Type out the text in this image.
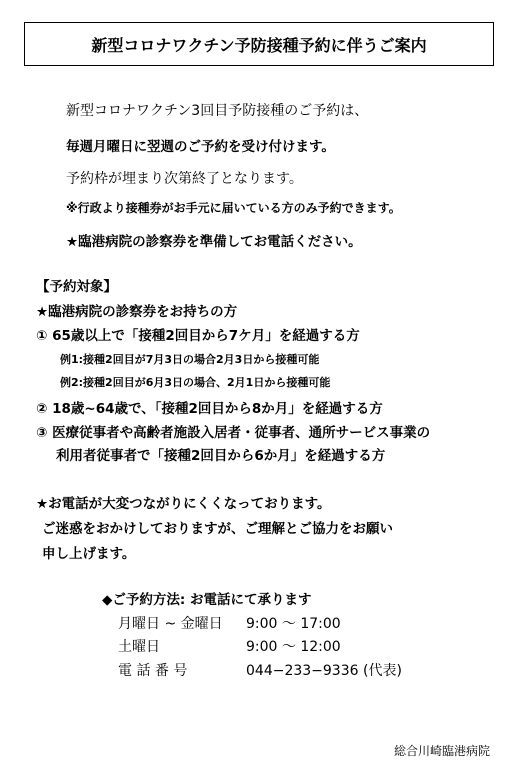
新型コロナワクチン予防接種予約に伴うご案内
新型コロナワクチン3回目予防接種のご予約は、
毎週月曜日に翌週のご予約を受け付けます。
予約枠が埋まり次第終了となります。
※行政より接種券がお手元に届いている方のみ予約できます。
★臨港病院の診察券を準備してお電話ください。
【予約対象】
★臨港病院の診察券をお持ちの方
① 65歳以上で「接種2回目から7ケ月」を経過する方
例1:接種2回目が7月3日の場合2月3日から接種可能
例2:接種2回目が6月3日の場合、2月1日から接種可能
② 18歳~64歳で、「接種2回目から8か月」を経過する方
③ 医療従事者や高齢者施設入居者・従事者、通所サービス事業の
利用者従事者で「接種2回目から6か月」を経過する方
★お電話が大変つながりにくくなっております。
ご迷惑をおかけしておりますが、ご理解とご協力をお願い
申し上げます。
◆ご予約方法: お電話にて承ります
月曜日 ~ 金曜日 9:00 〜 17:00
土曜日	9:00 〜 12:00
電 話 番 号	044−233−9336 (代表)
総合川崎臨港病院
